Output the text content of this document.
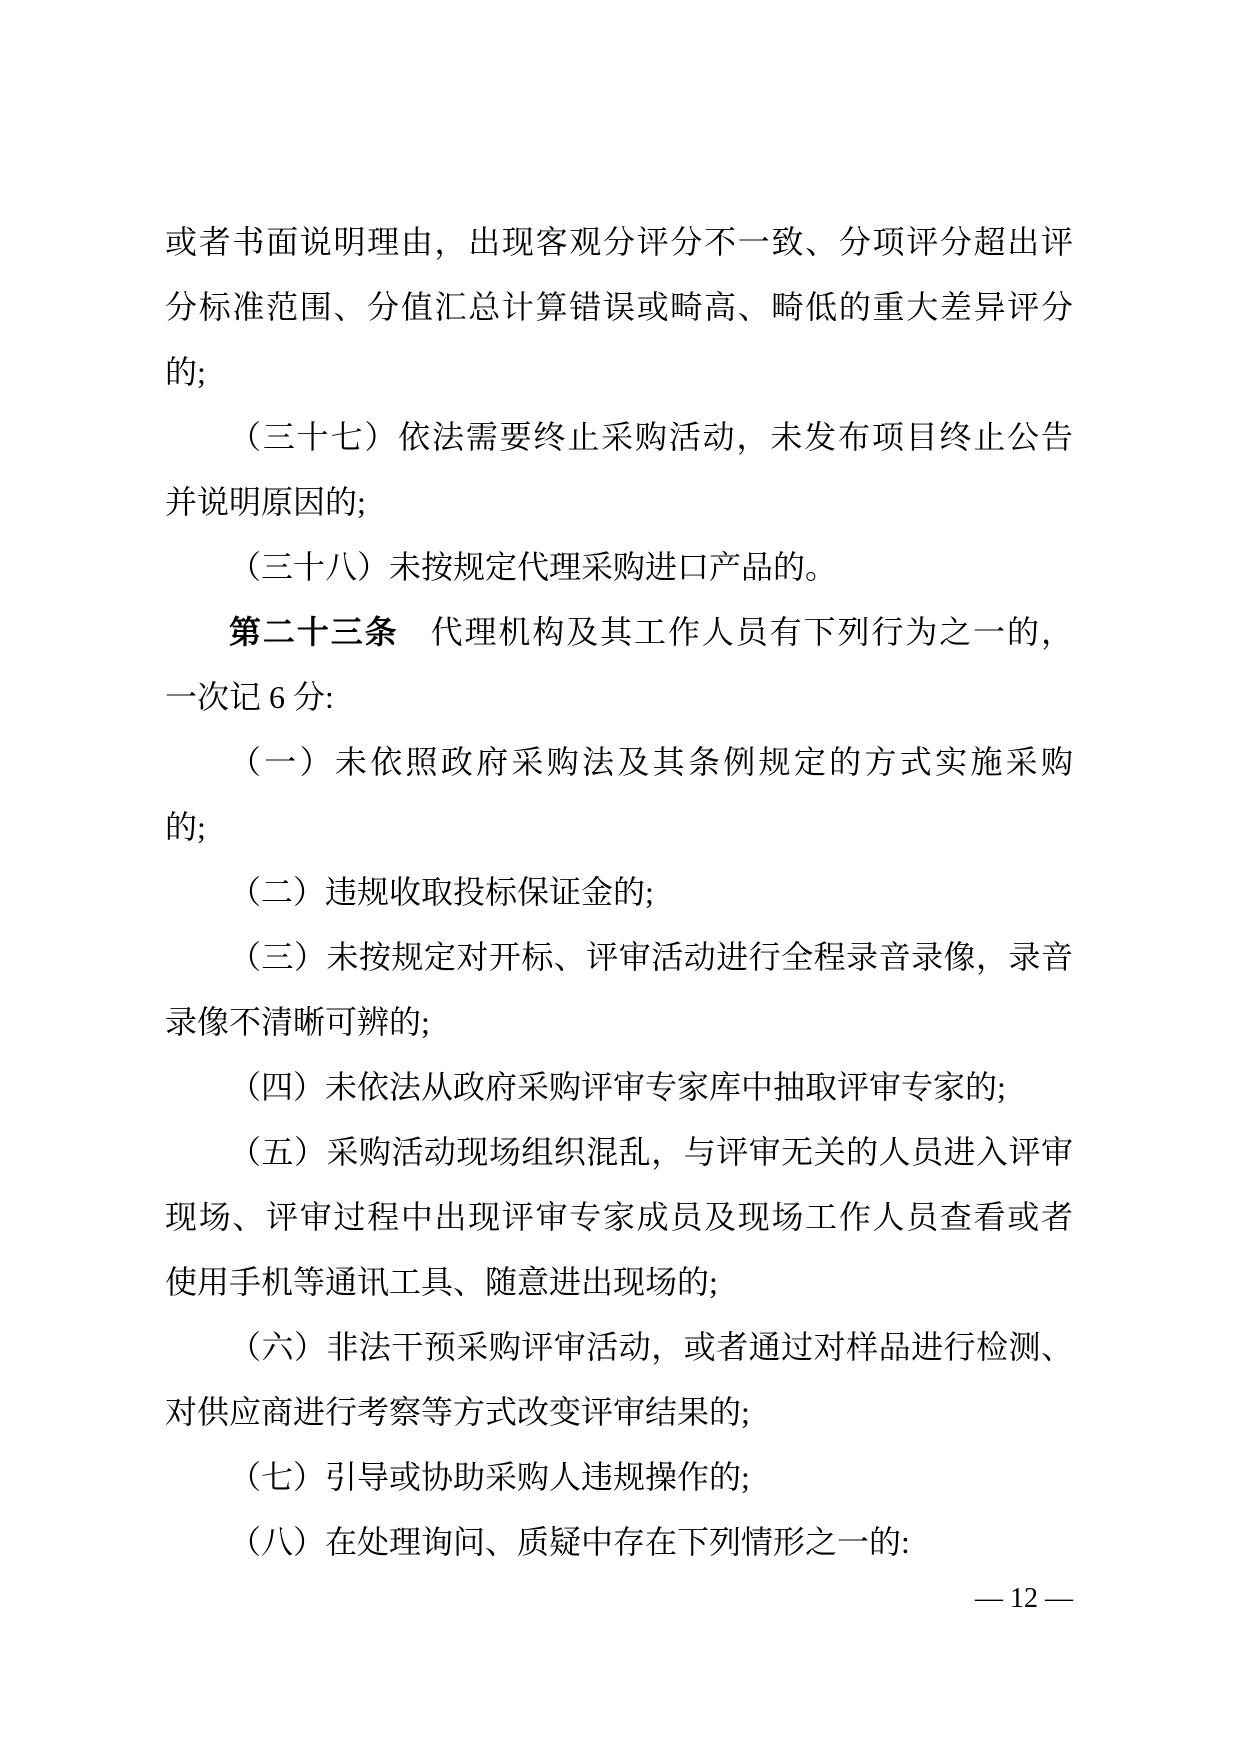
或者书面说明理由，出现客观分评分不一致、分项评分超出评
分标准范围、分值汇总计算错误或畸高、畸低的重大差异评分
的;
（三十七）依法需要终止采购活动，未发布项目终止公告
并说明原因的;
（三十八）未按规定代理采购进口产品的。
第二十三条 代理机构及其工作人员有下列行为之一的，
一次记 6 分:
（一）未依照政府采购法及其条例规定的方式实施采购
的;
（二）违规收取投标保证金的;
（三）未按规定对开标、评审活动进行全程录音录像，录音
录像不清晰可辨的;
（四）未依法从政府采购评审专家库中抽取评审专家的;
（五）采购活动现场组织混乱，与评审无关的人员进入评审
现场、评审过程中出现评审专家成员及现场工作人员查看或者
使用手机等通讯工具、随意进出现场的;
（六）非法干预采购评审活动，或者通过对样品进行检测、
对供应商进行考察等方式改变评审结果的;
（七）引导或协助采购人违规操作的;
（八）在处理询问、质疑中存在下列情形之一的:
— 12 —
